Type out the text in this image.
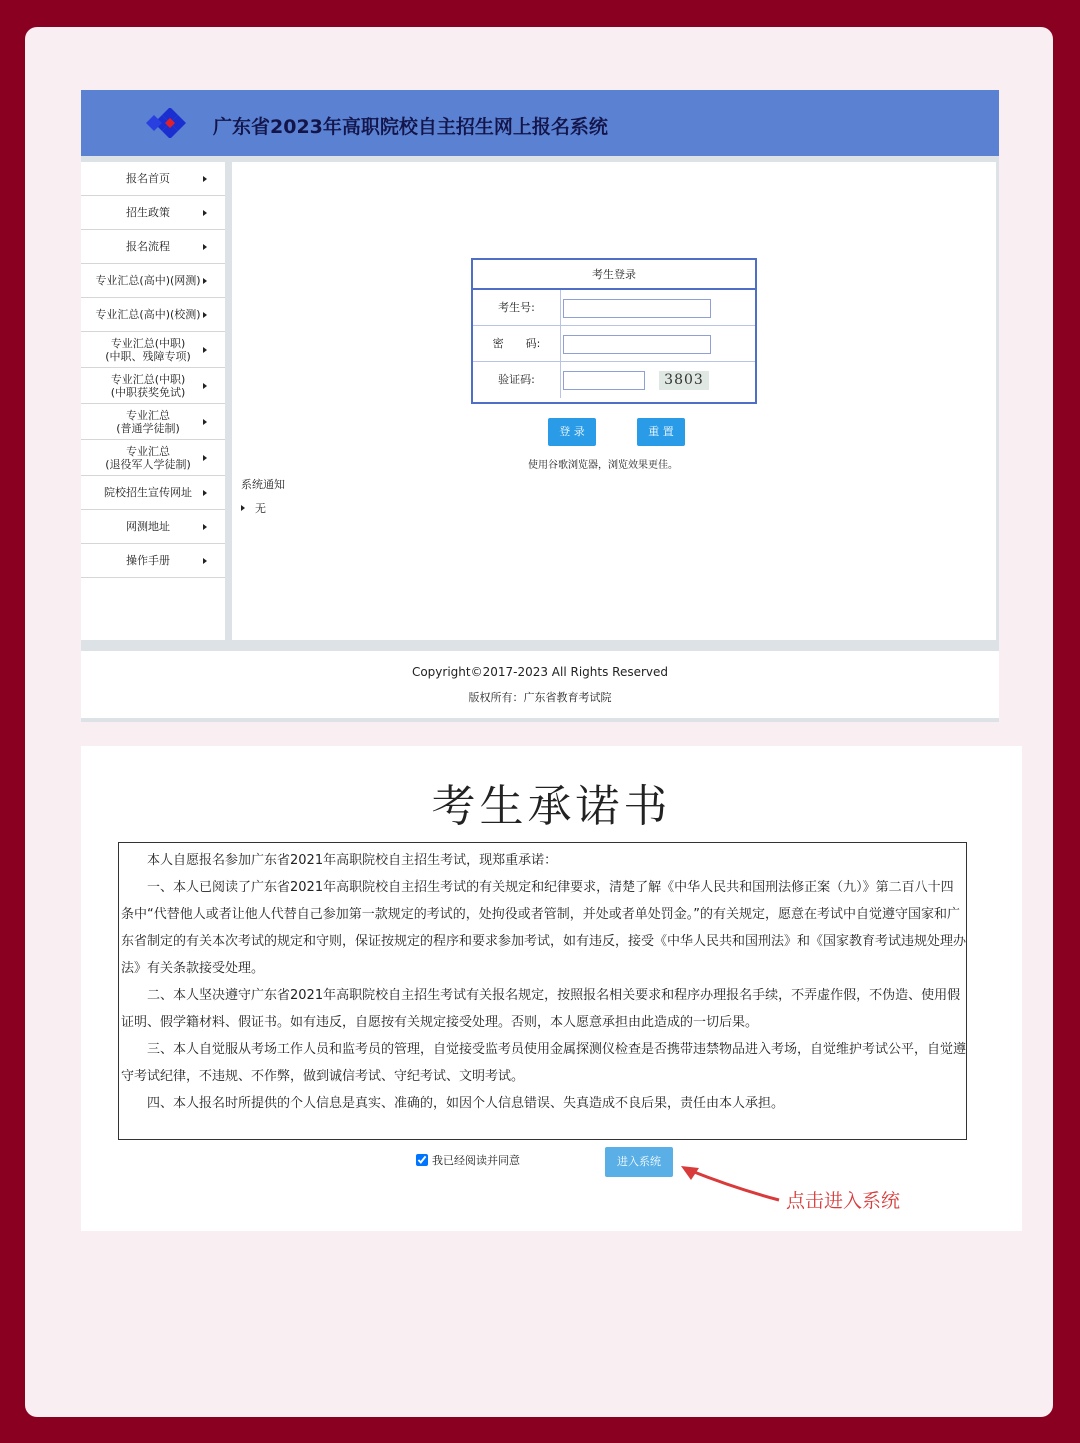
广东省2023年高职院校自主招生网上报名系统
报名首页
招生政策
报名流程
专业汇总(高中)(网测)
专业汇总(高中)(校测)
专业汇总(中职)
(中职、残障专项)
专业汇总(中职)
(中职获奖免试)
专业汇总
(普通学徒制)
专业汇总
(退役军人学徒制)
院校招生宣传网址
网测地址
操作手册
考生登录
考生号:
密　　码:
验证码:	3803
登 录	重 置
使用谷歌浏览器，浏览效果更佳。
系统通知
无
Copyright©2017-2023 All Rights Reserved
版权所有：广东省教育考试院
考生承诺书

本人自愿报名参加广东省2021年高职院校自主招生考试，现郑重承诺：

一、本人已阅读了广东省2021年高职院校自主招生考试的有关规定和纪律要求，清楚了解《中华人民共和国刑法修正案（九）》第二百八十四条中“代替他人或者让他人代替自己参加第一款规定的考试的，处拘役或者管制，并处或者单处罚金。”的有关规定，愿意在考试中自觉遵守国家和广东省制定的有关本次考试的规定和守则，保证按规定的程序和要求参加考试，如有违反，接受《中华人民共和国刑法》和《国家教育考试违规处理办法》有关条款接受处理。

二、本人坚决遵守广东省2021年高职院校自主招生考试有关报名规定，按照报名相关要求和程序办理报名手续，不弄虚作假，不伪造、使用假证明、假学籍材料、假证书。如有违反，自愿按有关规定接受处理。否则，本人愿意承担由此造成的一切后果。

三、本人自觉服从考场工作人员和监考员的管理，自觉接受监考员使用金属探测仪检查是否携带违禁物品进入考场，自觉维护考试公平，自觉遵守考试纪律，不违规、不作弊，做到诚信考试、守纪考试、文明考试。

四、本人报名时所提供的个人信息是真实、准确的，如因个人信息错误、失真造成不良后果，责任由本人承担。

我已经阅读并同意	进入系统
点击进入系统
